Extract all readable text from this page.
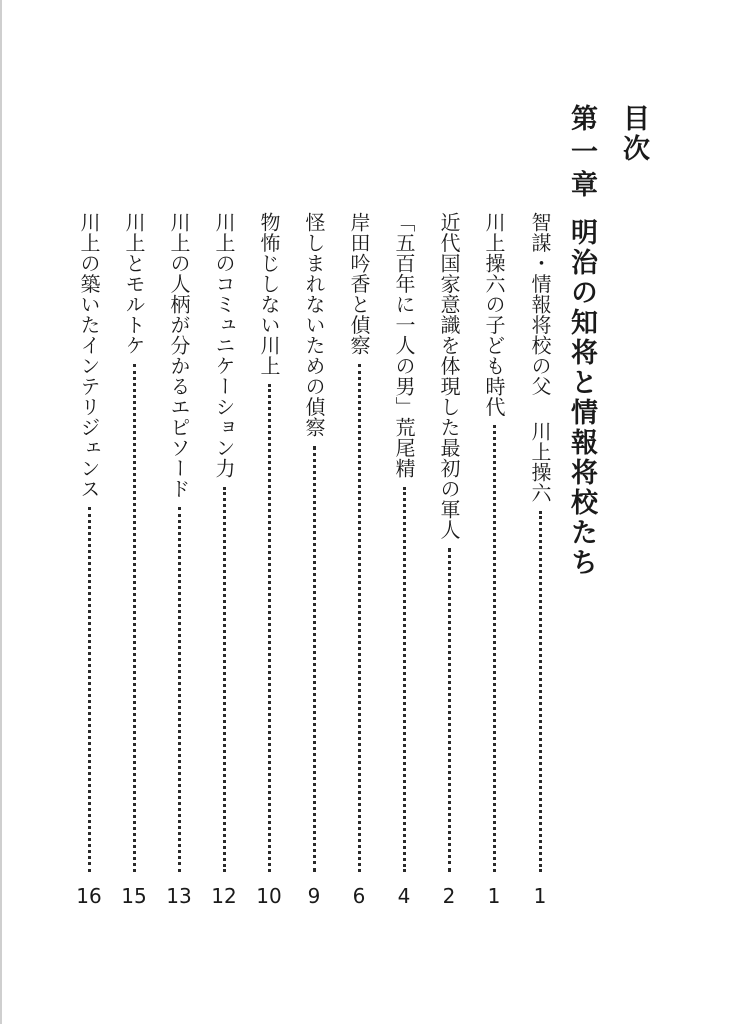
目次
第一章
明治の知将と情報将校たち
智謀・情報将校の父 川上操六
1
川上操六の子ども時代
1
近代国家意識を体現した最初の軍人
2
「五百年に一人の男」荒尾精
4
岸田吟香と偵察
6
怪しまれないための偵察
9
物怖じしない川上
10
川上のコミュニケーション力
12
川上の人柄が分かるエピソード
13
川上とモルトケ
15
川上の築いたインテリジェンス
16
